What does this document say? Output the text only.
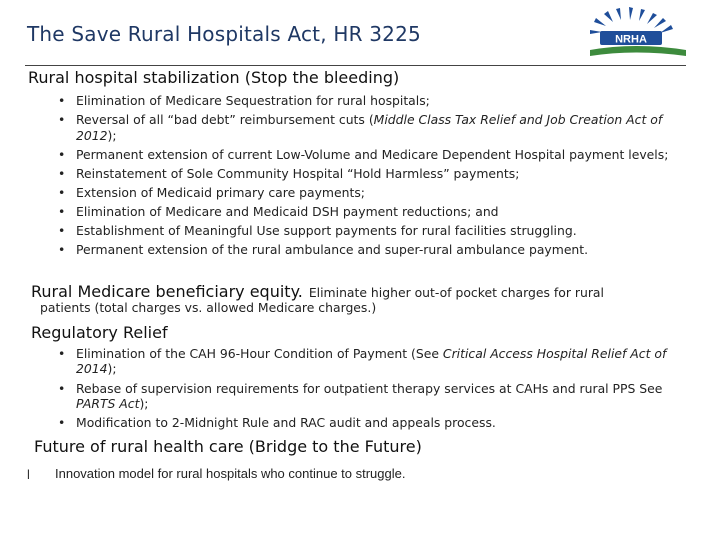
The Save Rural Hospitals Act, HR 3225	NRHA
Rural hospital stabilization (Stop the bleeding)
• Elimination of Medicare Sequestration for rural hospitals;
• Reversal of all “bad debt” reimbursement cuts (Middle Class Tax Relief and Job Creation Act of 2012);
• Permanent extension of current Low-Volume and Medicare Dependent Hospital payment levels;
• Reinstatement of Sole Community Hospital “Hold Harmless” payments;
• Extension of Medicaid primary care payments;
• Elimination of Medicare and Medicaid DSH payment reductions; and
• Establishment of Meaningful Use support payments for rural facilities struggling.
• Permanent extension of the rural ambulance and super-rural ambulance payment.
Rural Medicare beneficiary equity. Eliminate higher out-of pocket charges for rural
patients (total charges vs. allowed Medicare charges.)
Regulatory Relief
• Elimination of the CAH 96-Hour Condition of Payment (See Critical Access Hospital Relief Act of 2014);
• Rebase of supervision requirements for outpatient therapy services at CAHs and rural PPS See PARTS Act);
• Modification to 2-Midnight Rule and RAC audit and appeals process.
Future of rural health care (Bridge to the Future)
l Innovation model for rural hospitals who continue to struggle.
